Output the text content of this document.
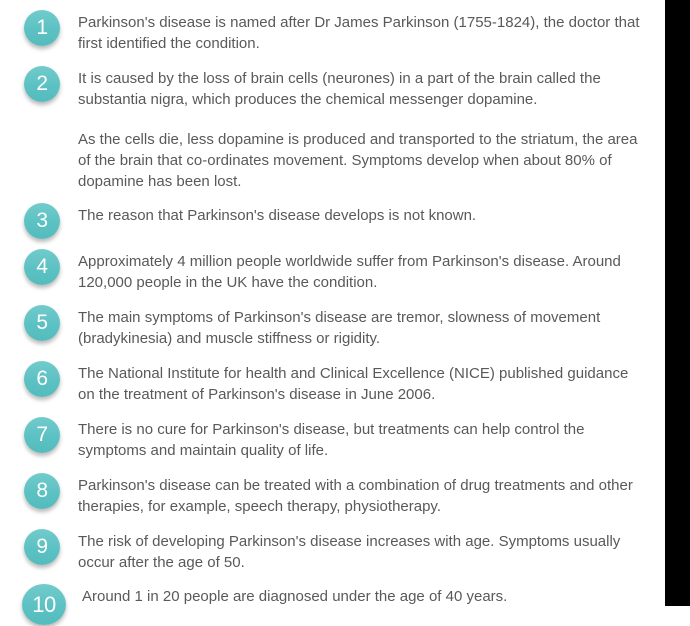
1	Parkinson's disease is named after Dr James Parkinson (1755-1824), the doctor that first identified the condition.
2	It is caused by the loss of brain cells (neurones) in a part of the brain called the substantia nigra, which produces the chemical messenger dopamine.
As the cells die, less dopamine is produced and transported to the striatum, the area of the brain that co-ordinates movement. Symptoms develop when about 80% of dopamine has been lost.
3	The reason that Parkinson's disease develops is not known.
4	Approximately 4 million people worldwide suffer from Parkinson's disease. Around 120,000 people in the UK have the condition.
5	The main symptoms of Parkinson's disease are tremor, slowness of movement (bradykinesia) and muscle stiffness or rigidity.
6	The National Institute for health and Clinical Excellence (NICE) published guidance on the treatment of Parkinson's disease in June 2006.
7	There is no cure for Parkinson's disease, but treatments can help control the symptoms and maintain quality of life.
8	Parkinson's disease can be treated with a combination of drug treatments and other therapies, for example, speech therapy, physiotherapy.
9	The risk of developing Parkinson's disease increases with age. Symptoms usually occur after the age of 50.
10	Around 1 in 20 people are diagnosed under the age of 40 years.
